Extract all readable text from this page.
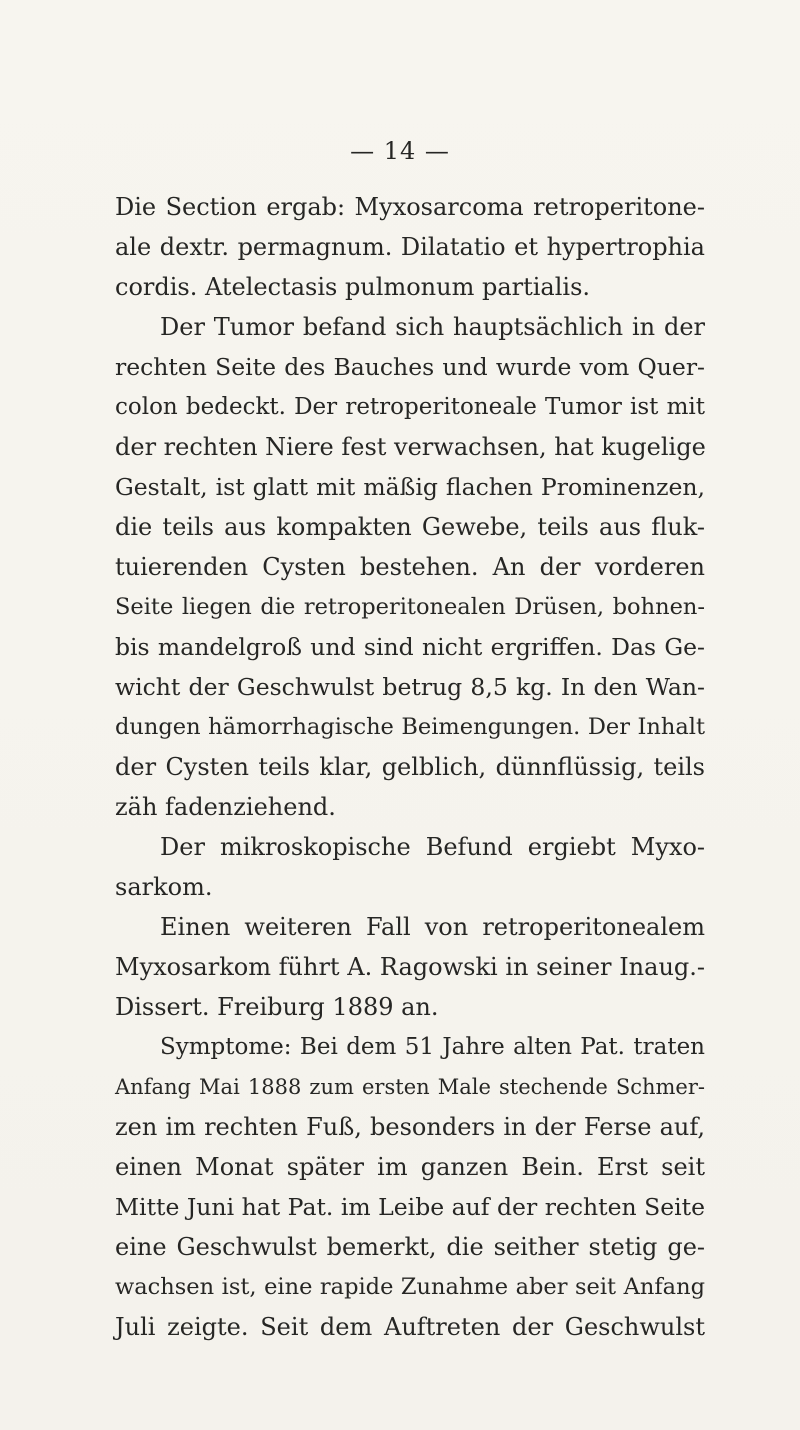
— 14 —
Die Section ergab: Myxosarcoma retroperitone-
ale dextr. permagnum. Dilatatio et hypertrophia
cordis. Atelectasis pulmonum partialis.
Der Tumor befand sich hauptsächlich in der
rechten Seite des Bauches und wurde vom Quer-
colon bedeckt. Der retroperitoneale Tumor ist mit
der rechten Niere fest verwachsen, hat kugelige
Gestalt, ist glatt mit mäßig flachen Prominenzen,
die teils aus kompakten Gewebe, teils aus fluk-
tuierenden Cysten bestehen. An der vorderen
Seite liegen die retroperitonealen Drüsen, bohnen-
bis mandelgroß und sind nicht ergriffen. Das Ge-
wicht der Geschwulst betrug 8,5 kg. In den Wan-
dungen hämorrhagische Beimengungen. Der Inhalt
der Cysten teils klar, gelblich, dünnflüssig, teils
zäh fadenziehend.
Der mikroskopische Befund ergiebt Myxo-
sarkom.
Einen weiteren Fall von retroperitonealem
Myxosarkom führt A. Ragowski in seiner Inaug.-
Dissert. Freiburg 1889 an.
Symptome: Bei dem 51 Jahre alten Pat. traten
Anfang Mai 1888 zum ersten Male stechende Schmer-
zen im rechten Fuß, besonders in der Ferse auf,
einen Monat später im ganzen Bein. Erst seit
Mitte Juni hat Pat. im Leibe auf der rechten Seite
eine Geschwulst bemerkt, die seither stetig ge-
wachsen ist, eine rapide Zunahme aber seit Anfang
Juli zeigte. Seit dem Auftreten der Geschwulst
